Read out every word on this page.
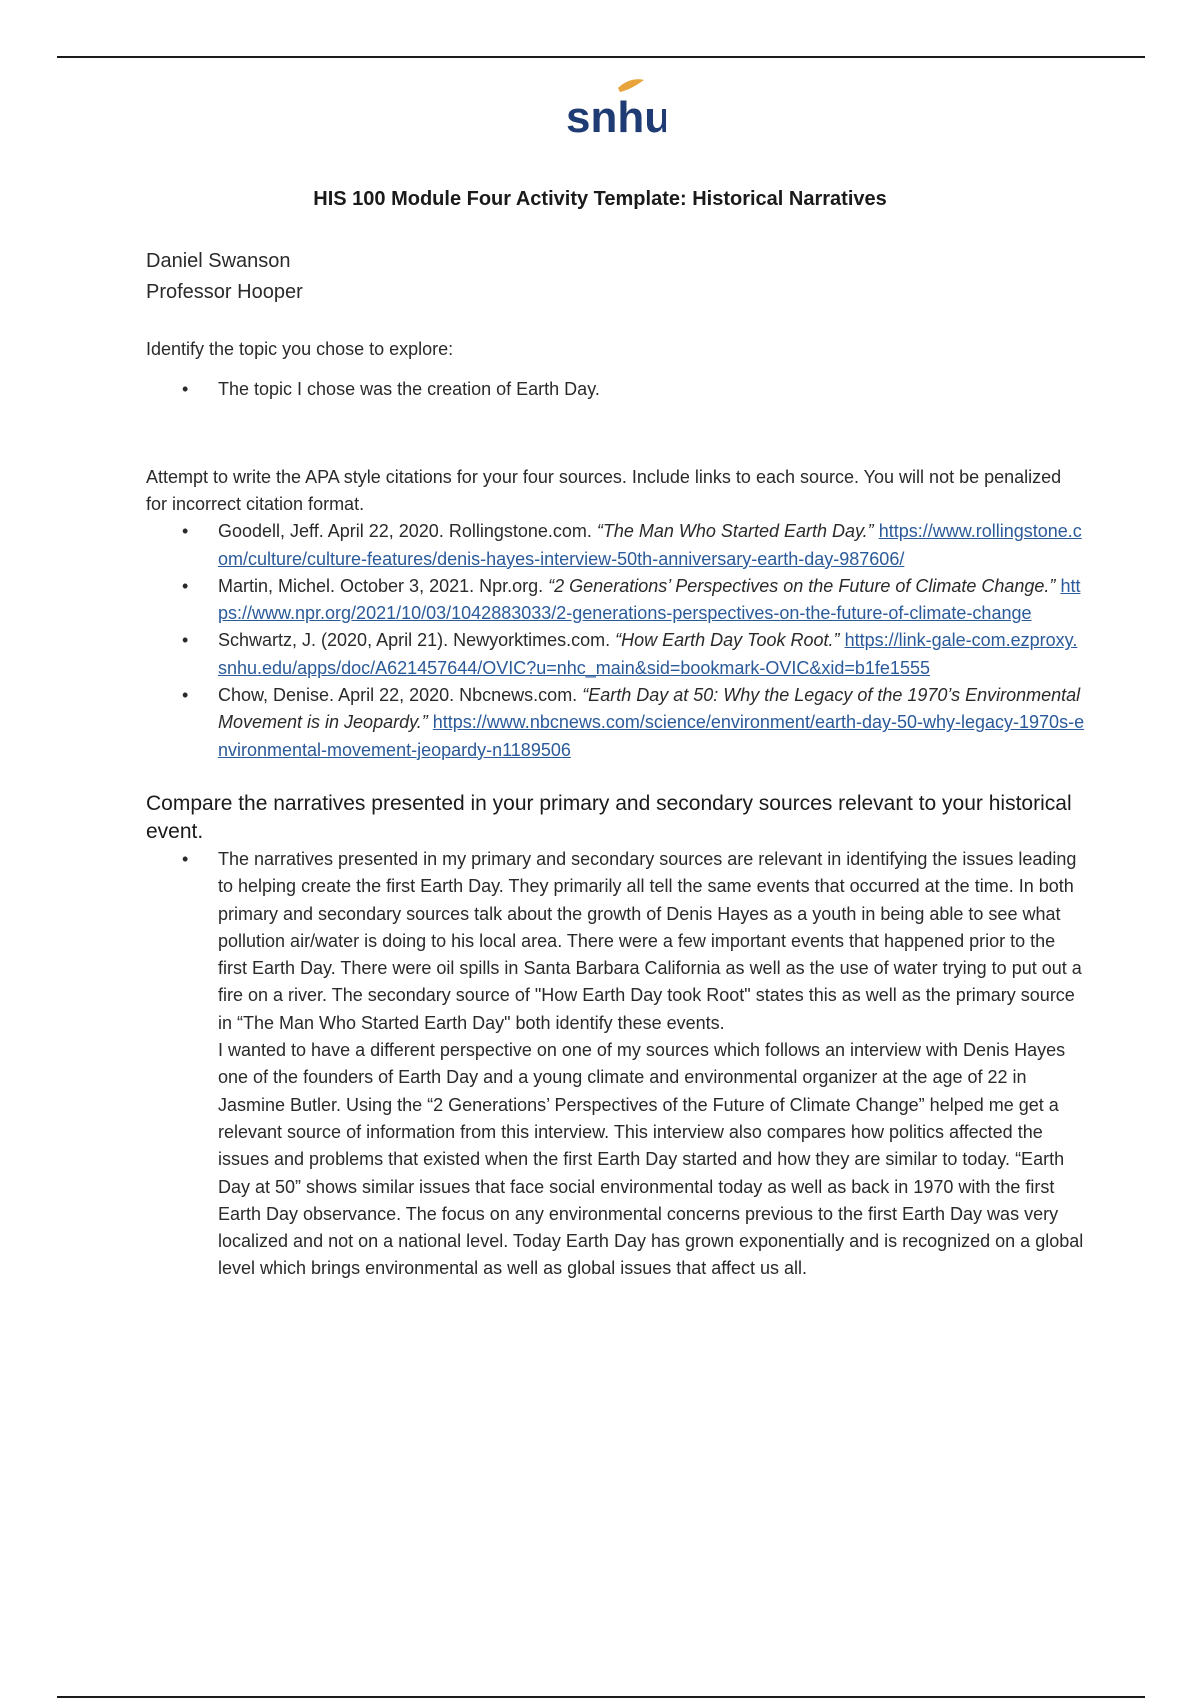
snhu
HIS 100 Module Four Activity Template: Historical Narratives
Daniel Swanson
Professor Hooper
Identify the topic you chose to explore:
• The topic I chose was the creation of Earth Day.
Attempt to write the APA style citations for your four sources. Include links to each source. You will not be penalized for incorrect citation format.
• Goodell, Jeff. April 22, 2020. Rollingstone.com. “The Man Who Started Earth Day.” https://www.rollingstone.com/culture/culture-features/denis-hayes-interview-50th-anniversary-earth-day-987606/
• Martin, Michel. October 3, 2021. Npr.org. “2 Generations’ Perspectives on the Future of Climate Change.” https://www.npr.org/2021/10/03/1042883033/2-generations-perspectives-on-the-future-of-climate-change
• Schwartz, J. (2020, April 21). Newyorktimes.com. “How Earth Day Took Root.” https://link-gale-com.ezproxy.snhu.edu/apps/doc/A621457644/OVIC?u=nhc_main&sid=bookmark-OVIC&xid=b1fe1555
• Chow, Denise. April 22, 2020. Nbcnews.com. “Earth Day at 50: Why the Legacy of the 1970’s Environmental Movement is in Jeopardy.” https://www.nbcnews.com/science/environment/earth-day-50-why-legacy-1970s-environmental-movement-jeopardy-n1189506
Compare the narratives presented in your primary and secondary sources relevant to your historical event.
• The narratives presented in my primary and secondary sources are relevant in identifying the issues leading to helping create the first Earth Day. They primarily all tell the same events that occurred at the time. In both primary and secondary sources talk about the growth of Denis Hayes as a youth in being able to see what pollution air/water is doing to his local area. There were a few important events that happened prior to the first Earth Day. There were oil spills in Santa Barbara California as well as the use of water trying to put out a fire on a river. The secondary source of "How Earth Day took Root" states this as well as the primary source in “The Man Who Started Earth Day" both identify these events.
I wanted to have a different perspective on one of my sources which follows an interview with Denis Hayes one of the founders of Earth Day and a young climate and environmental organizer at the age of 22 in Jasmine Butler. Using the “2 Generations’ Perspectives of the Future of Climate Change” helped me get a relevant source of information from this interview. This interview also compares how politics affected the issues and problems that existed when the first Earth Day started and how they are similar to today. “Earth Day at 50” shows similar issues that face social environmental today as well as back in 1970 with the first Earth Day observance. The focus on any environmental concerns previous to the first Earth Day was very localized and not on a national level. Today Earth Day has grown exponentially and is recognized on a global level which brings environmental as well as global issues that affect us all.
